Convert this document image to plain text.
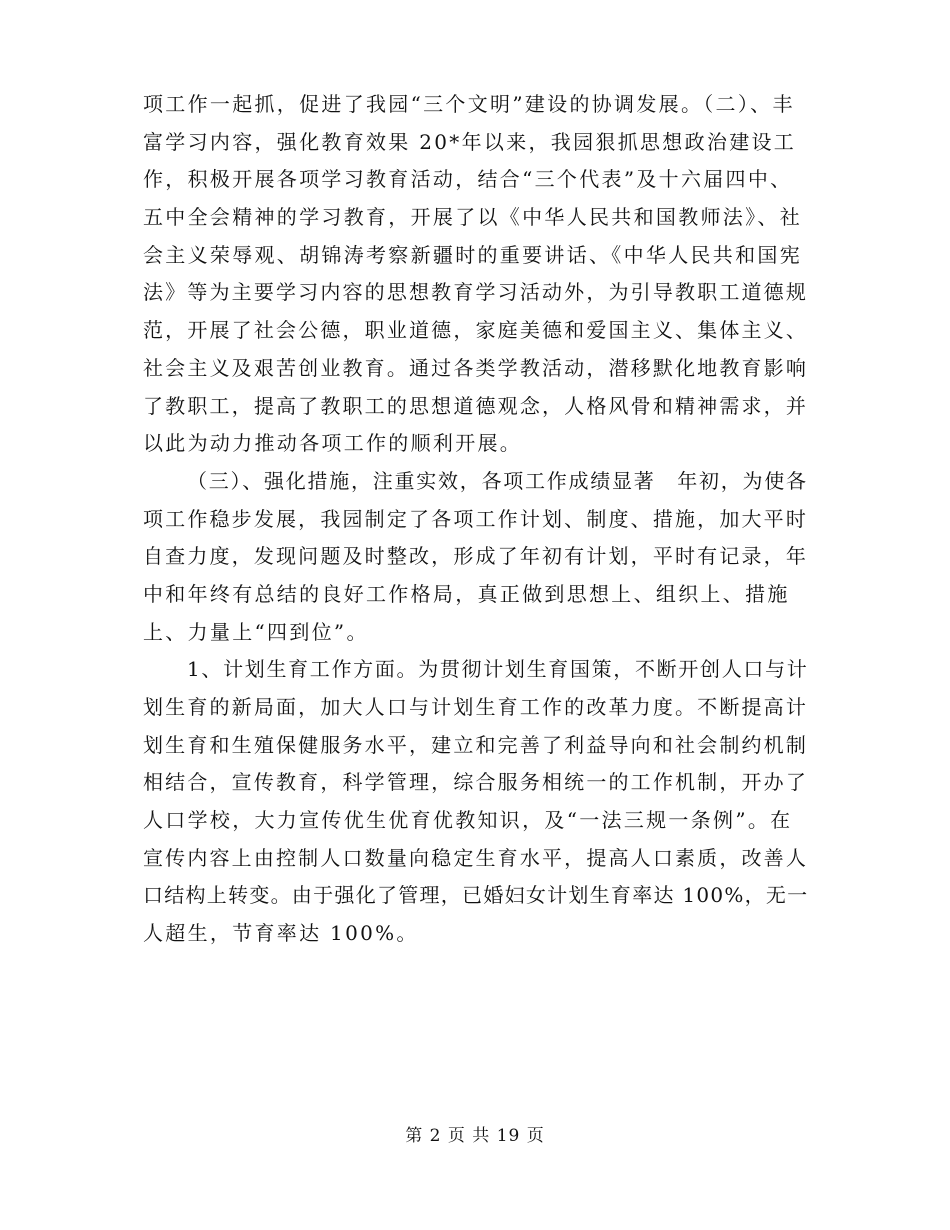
项工作一起抓，促进了我园“三个文明”建设的协调发展。（二）、丰
富学习内容，强化教育效果 20*年以来，我园狠抓思想政治建设工
作，积极开展各项学习教育活动，结合“三个代表”及十六届四中、
五中全会精神的学习教育，开展了以《中华人民共和国教师法》、社
会主义荣辱观、胡锦涛考察新疆时的重要讲话、《中华人民共和国宪
法》等为主要学习内容的思想教育学习活动外，为引导教职工道德规
范，开展了社会公德，职业道德，家庭美德和爱国主义、集体主义、
社会主义及艰苦创业教育。通过各类学教活动，潜移默化地教育影响
了教职工，提高了教职工的思想道德观念，人格风骨和精神需求，并
以此为动力推动各项工作的顺利开展。
（三）、强化措施，注重实效，各项工作成绩显著　年初，为使各
项工作稳步发展，我园制定了各项工作计划、制度、措施，加大平时
自查力度，发现问题及时整改，形成了年初有计划，平时有记录，年
中和年终有总结的良好工作格局，真正做到思想上、组织上、措施
上、力量上“四到位”。
1、计划生育工作方面。为贯彻计划生育国策，不断开创人口与计
划生育的新局面，加大人口与计划生育工作的改革力度。不断提高计
划生育和生殖保健服务水平，建立和完善了利益导向和社会制约机制
相结合，宣传教育，科学管理，综合服务相统一的工作机制，开办了
人口学校，大力宣传优生优育优教知识，及“一法三规一条例”。在
宣传内容上由控制人口数量向稳定生育水平，提高人口素质，改善人
口结构上转变。由于强化了管理，已婚妇女计划生育率达 100%，无一
人超生，节育率达 100%。
第 2 页 共 19 页
